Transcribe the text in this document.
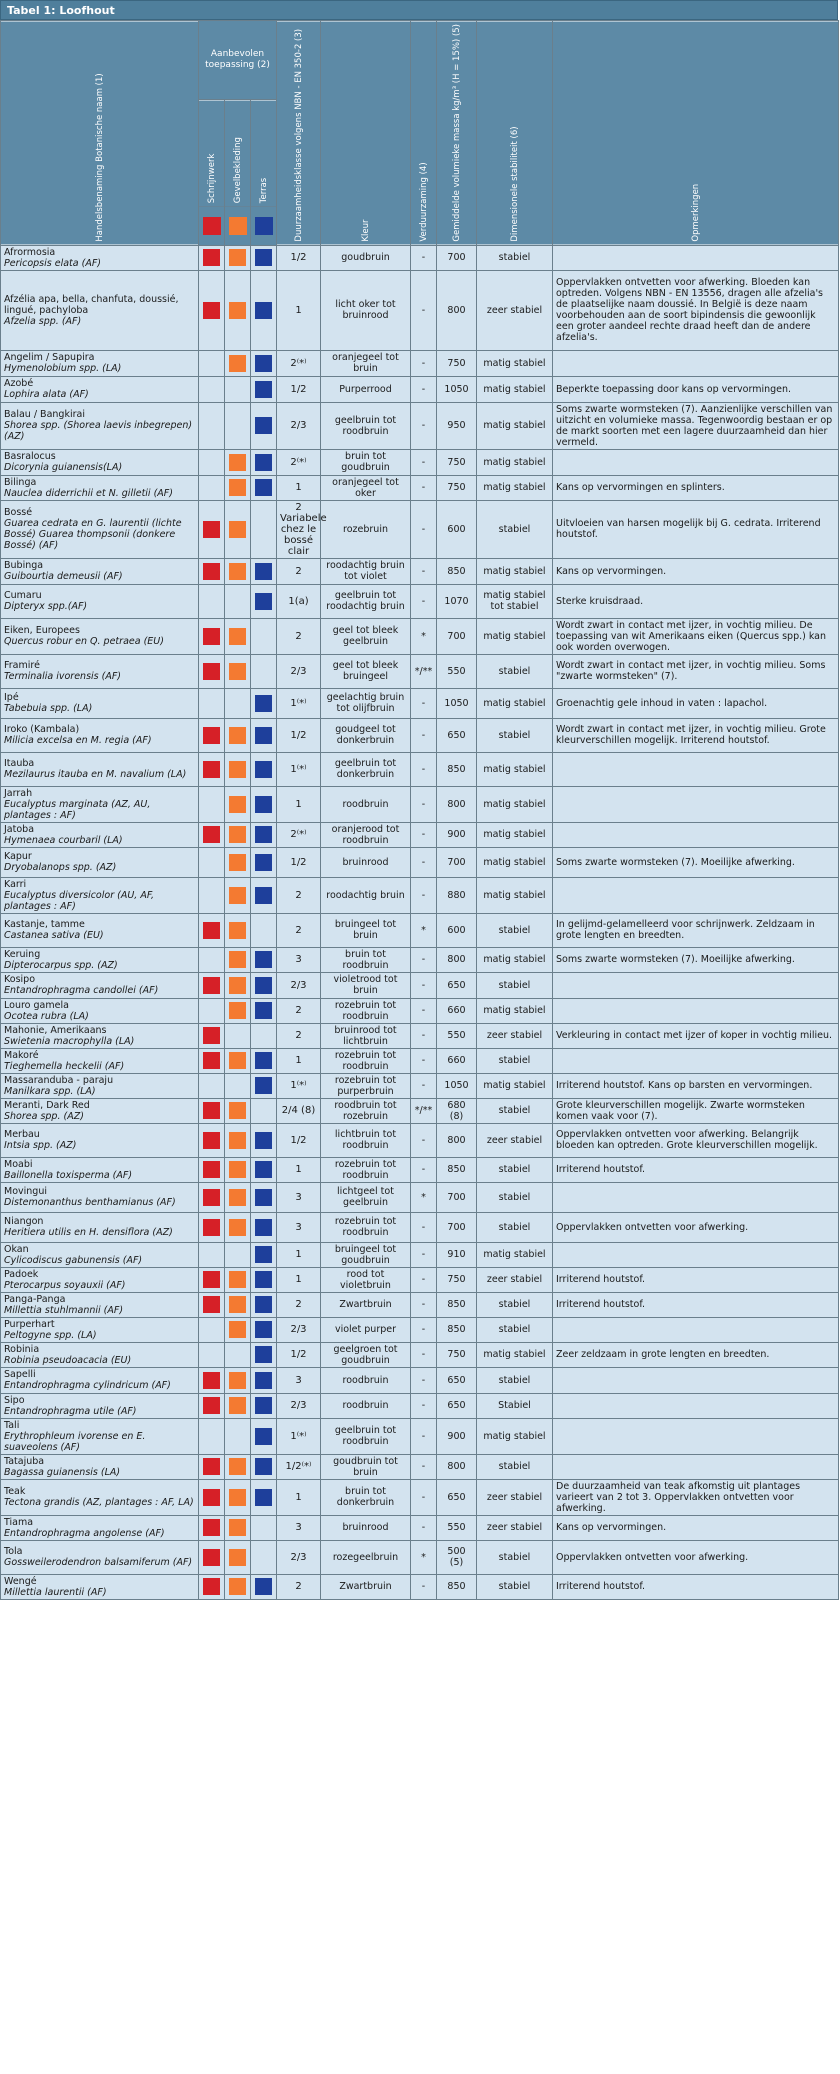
Tabel 1: Loofhout
Handelsbenaming Botanische naam (1)	Aanbevolen toepassing (2)			Duurzaamheidsklasse volgens NBN - EN 350-2 (3)	Kleur	Verduurzaming (4)	Gemiddelde volumieke massa kg/m³ (H = 15%) (5)	Dimensionele stabiliteit (6)	Opmerkingen
	Schrijnwerk	Gevelbekleding	Terras						

Afrormosia
Pericopsis elata (AF)				1/2	goudbruin	-	700	stabiel	

Afzélia apa, bella, chanfuta, doussié, lingué, pachyloba
Afzelia spp. (AF)				1	licht oker tot bruinrood	-	800	zeer stabiel	Oppervlakken ontvetten voor afwerking. Bloeden kan optreden. Volgens NBN - EN 13556, dragen alle afzelia's de plaatselijke naam doussié. In België is deze naam voorbehouden aan de soort bipindensis die gewoonlijk een groter aandeel rechte draad heeft dan de andere afzelia's.

Angelim / Sapupira
Hymenolobium spp. (LA)				2⁽*⁾	oranjegeel tot bruin	-	750	matig stabiel	

Azobé
Lophira alata (AF)				1/2	Purperrood	-	1050	matig stabiel	Beperkte toepassing door kans op vervormingen.

Balau / Bangkirai
Shorea spp. (Shorea laevis inbegrepen) (AZ)				2/3	geelbruin tot roodbruin	-	950	matig stabiel	Soms zwarte wormsteken (7). Aanzienlijke verschillen van uitzicht en volumieke massa. Tegenwoordig bestaan er op de markt soorten met een lagere duurzaamheid dan hier vermeld.

Basralocus
Dicorynia guianensis(LA)				2⁽*⁾	bruin tot goudbruin	-	750	matig stabiel	

Bilinga
Nauclea diderrichii et N. gilletii (AF)				1	oranjegeel tot oker	-	750	matig stabiel	Kans op vervormingen en splinters.

Bossé
Guarea cedrata en G. laurentii (lichte Bossé) Guarea thompsonii (donkere Bossé) (AF)				2 Variabele chez le bossé clair	rozebruin	-	600	stabiel	Uitvloeien van harsen mogelijk bij G. cedrata. Irriterend houtstof.

Bubinga
Guibourtia demeusii (AF)				2	roodachtig bruin tot violet	-	850	matig stabiel	Kans op vervormingen.

Cumaru
Dipteryx spp.(AF)				1(a)	geelbruin tot roodachtig bruin	-	1070	matig stabiel tot stabiel	Sterke kruisdraad.

Eiken, Europees
Quercus robur en Q. petraea (EU)				2	geel tot bleek geelbruin	*	700	matig stabiel	Wordt zwart in contact met ijzer, in vochtig milieu. De toepassing van wit Amerikaans eiken (Quercus spp.) kan ook worden overwogen.

Framiré
Terminalia ivorensis (AF)				2/3	geel tot bleek bruingeel	*/**	550	stabiel	Wordt zwart in contact met ijzer, in vochtig milieu. Soms "zwarte wormsteken" (7).

Ipé
Tabebuia spp. (LA)				1⁽*⁾	geelachtig bruin tot olijfbruin	-	1050	matig stabiel	Groenachtig gele inhoud in vaten : lapachol.

Iroko (Kambala)
Milicia excelsa en M. regia (AF)				1/2	goudgeel tot donkerbruin	-	650	stabiel	Wordt zwart in contact met ijzer, in vochtig milieu. Grote kleurverschillen mogelijk. Irriterend houtstof.

Itauba
Mezilaurus itauba en M. navalium (LA)				1⁽*⁾	geelbruin tot donkerbruin	-	850	matig stabiel	

Jarrah
Eucalyptus marginata (AZ, AU, plantages : AF)				1	roodbruin	-	800	matig stabiel	

Jatoba
Hymenaea courbaril (LA)				2⁽*⁾	oranjerood tot roodbruin	-	900	matig stabiel	

Kapur
Dryobalanops spp. (AZ)				1/2	bruinrood	-	700	matig stabiel	Soms zwarte wormsteken (7). Moeilijke afwerking.

Karri
Eucalyptus diversicolor (AU, AF, plantages : AF)				2	roodachtig bruin	-	880	matig stabiel	

Kastanje, tamme
Castanea sativa (EU)				2	bruingeel tot bruin	*	600	stabiel	In gelijmd-gelamelleerd voor schrijnwerk. Zeldzaam in grote lengten en breedten.

Keruing
Dipterocarpus spp. (AZ)				3	bruin tot roodbruin	-	800	matig stabiel	Soms zwarte wormsteken (7). Moeilijke afwerking.

Kosipo
Entandrophragma candollei (AF)				2/3	violetrood tot bruin	-	650	stabiel	

Louro gamela
Ocotea rubra (LA)				2	rozebruin tot roodbruin	-	660	matig stabiel	

Mahonie, Amerikaans
Swietenia macrophylla (LA)				2	bruinrood tot lichtbruin	-	550	zeer stabiel	Verkleuring in contact met ijzer of koper in vochtig milieu.

Makoré
Tieghemella heckelii (AF)				1	rozebruin tot roodbruin	-	660	stabiel	

Massaranduba - paraju
Manilkara spp. (LA)				1⁽*⁾	rozebruin tot purperbruin	-	1050	matig stabiel	Irriterend houtstof. Kans op barsten en vervormingen.

Meranti, Dark Red
Shorea spp. (AZ)				2/4 (8)	roodbruin tot rozebruin	*/**	680 (8)	stabiel	Grote kleurverschillen mogelijk. Zwarte wormsteken komen vaak voor (7).

Merbau
Intsia spp. (AZ)				1/2	lichtbruin tot roodbruin	-	800	zeer stabiel	Oppervlakken ontvetten voor afwerking. Belangrijk bloeden kan optreden. Grote kleurverschillen mogelijk.

Moabi
Baillonella toxisperma (AF)				1	rozebruin tot roodbruin	-	850	stabiel	Irriterend houtstof.

Movingui
Distemonanthus benthamianus (AF)				3	lichtgeel tot geelbruin	*	700	stabiel	

Niangon
Heritiera utilis en H. densiflora (AZ)				3	rozebruin tot roodbruin	-	700	stabiel	Oppervlakken ontvetten voor afwerking.

Okan
Cylicodiscus gabunensis (AF)				1	bruingeel tot goudbruin	-	910	matig stabiel	

Padoek
Pterocarpus soyauxii (AF)				1	rood tot violetbruin	-	750	zeer stabiel	Irriterend houtstof.

Panga-Panga
Millettia stuhlmannii (AF)				2	Zwartbruin	-	850	stabiel	Irriterend houtstof.

Purperhart
Peltogyne spp. (LA)				2/3	violet purper	-	850	stabiel	

Robinia
Robinia pseudoacacia (EU)				1/2	geelgroen tot goudbruin	-	750	matig stabiel	Zeer zeldzaam in grote lengten en breedten.

Sapelli
Entandrophragma cylindricum (AF)				3	roodbruin	-	650	stabiel	

Sipo
Entandrophragma utile (AF)				2/3	roodbruin	-	650	Stabiel	

Tali
Erythrophleum ivorense en E. suaveolens (AF)				1⁽*⁾	geelbruin tot roodbruin	-	900	matig stabiel	

Tatajuba
Bagassa guianensis (LA)				1/2⁽*⁾	goudbruin tot bruin	-	800	stabiel	

Teak
Tectona grandis (AZ, plantages : AF, LA)				1	bruin tot donkerbruin	-	650	zeer stabiel	De duurzaamheid van teak afkomstig uit plantages varieert van 2 tot 3. Oppervlakken ontvetten voor afwerking.

Tiama
Entandrophragma angolense (AF)				3	bruinrood	-	550	zeer stabiel	Kans op vervormingen.

Tola
Gossweilerodendron balsamiferum (AF)				2/3	rozegeelbruin	*	500 (5)	stabiel	Oppervlakken ontvetten voor afwerking.

Wengé
Millettia laurentii (AF)				2	Zwartbruin	-	850	stabiel	Irriterend houtstof.
